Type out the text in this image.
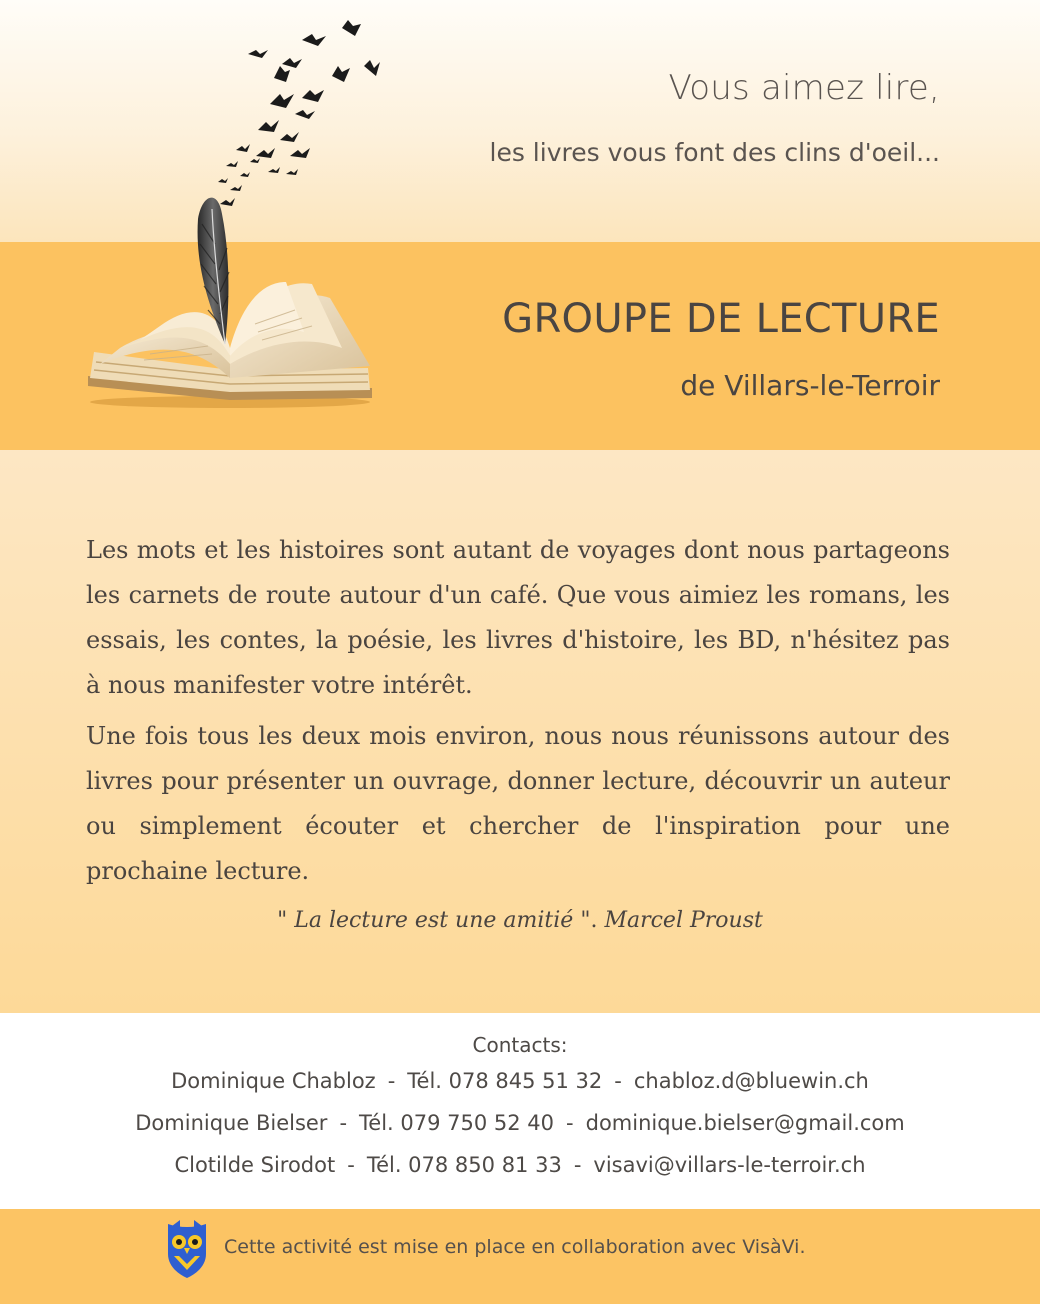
Vous aimez lire,
les livres vous font des clins d'oeil...
GROUPE DE LECTURE
de Villars-le-Terroir

Les mots et les histoires sont autant de voyages dont nous partageons les carnets de route autour d'un café. Que vous aimiez les romans, les essais, les contes, la poésie, les livres d'histoire, les BD, n'hésitez pas à nous manifester votre intérêt.

Une fois tous les deux mois environ, nous nous réunissons autour des livres pour présenter un ouvrage, donner lecture, découvrir un auteur ou simplement écouter et chercher de l'inspiration pour une prochaine lecture.

" La lecture est une amitié ". Marcel Proust
Contacts:
Dominique Chabloz - Tél. 078 845 51 32 - chabloz.d@bluewin.ch
Dominique Bielser - Tél. 079 750 52 40 - dominique.bielser@gmail.com
Clotilde Sirodot - Tél. 078 850 81 33 - visavi@villars-le-terroir.ch
Cette activité est mise en place en collaboration avec VisàVi.
